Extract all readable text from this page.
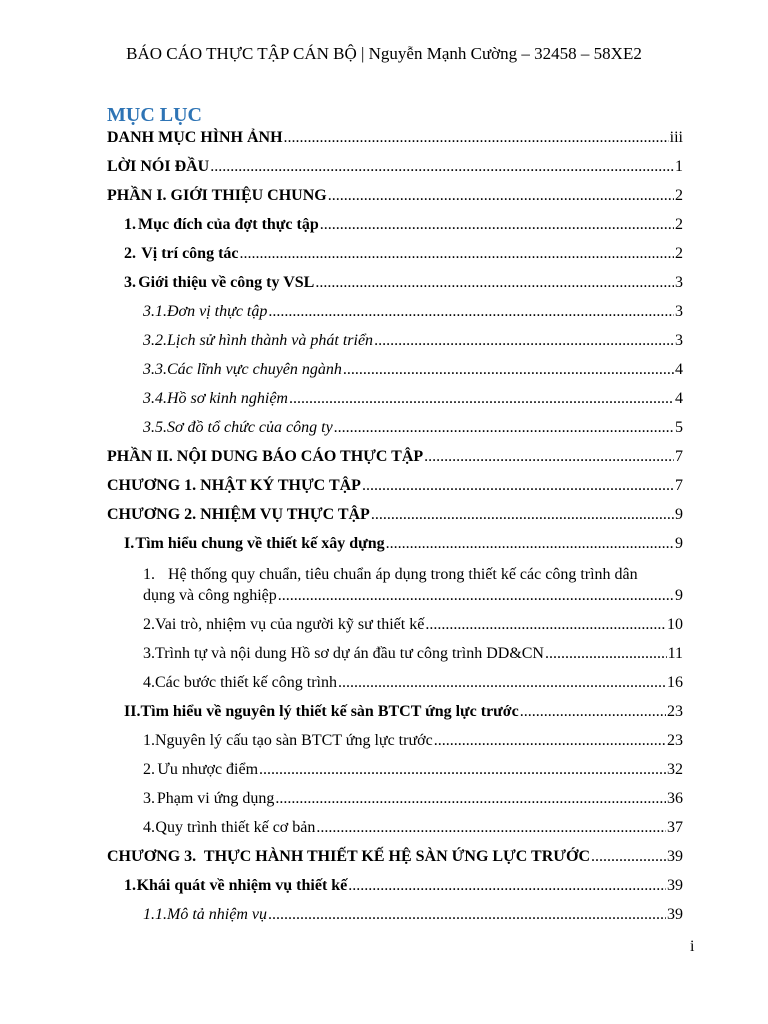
BÁO CÁO THỰC TẬP CÁN BỘ | Nguyễn Mạnh Cường – 32458 – 58XE2
MỤC LỤC
DANH MỤC HÌNH ẢNH .....	iii
LỜI NÓI ĐẦU .....	1
PHẦN I. GIỚI THIỆU CHUNG .....	2
1. Mục đích của đợt thực tập .....	2
2. Vị trí công tác .....	2
3. Giới thiệu về công ty VSL .....	3
3.1. Đơn vị thực tập .....	3
3.2. Lịch sử hình thành và phát triển .....	3
3.3. Các lĩnh vực chuyên ngành .....	4
3.4. Hồ sơ kinh nghiệm .....	4
3.5. Sơ đồ tổ chức của công ty .....	5
PHẦN II. NỘI DUNG BÁO CÁO THỰC TẬP .....	7
CHƯƠNG 1. NHẬT KÝ THỰC TẬP .....	7
CHƯƠNG 2. NHIỆM VỤ THỰC TẬP .....	9
I. Tìm hiểu chung về thiết kế xây dựng .....	9
1. Hệ thống quy chuẩn, tiêu chuẩn áp dụng trong thiết kế các công trình dân
dụng và công nghiệp .....	9
2. Vai trò, nhiệm vụ của người kỹ sư thiết kế .....	10
3. Trình tự và nội dung Hồ sơ dự án đầu tư công trình DD&CN .....	11
4. Các bước thiết kế công trình .....	16
II. Tìm hiểu về nguyên lý thiết kế sàn BTCT ứng lực trước .....	23
1. Nguyên lý cấu tạo sàn BTCT ứng lực trước .....	23
2. Ưu nhược điểm .....	32
3. Phạm vi ứng dụng .....	36
4. Quy trình thiết kế cơ bản .....	37
CHƯƠNG 3.  THỰC HÀNH THIẾT KẾ HỆ SÀN ỨNG LỰC TRƯỚC .....	39
1. Khái quát về nhiệm vụ thiết kế .....	39
1.1. Mô tả nhiệm vụ .....	39
i
